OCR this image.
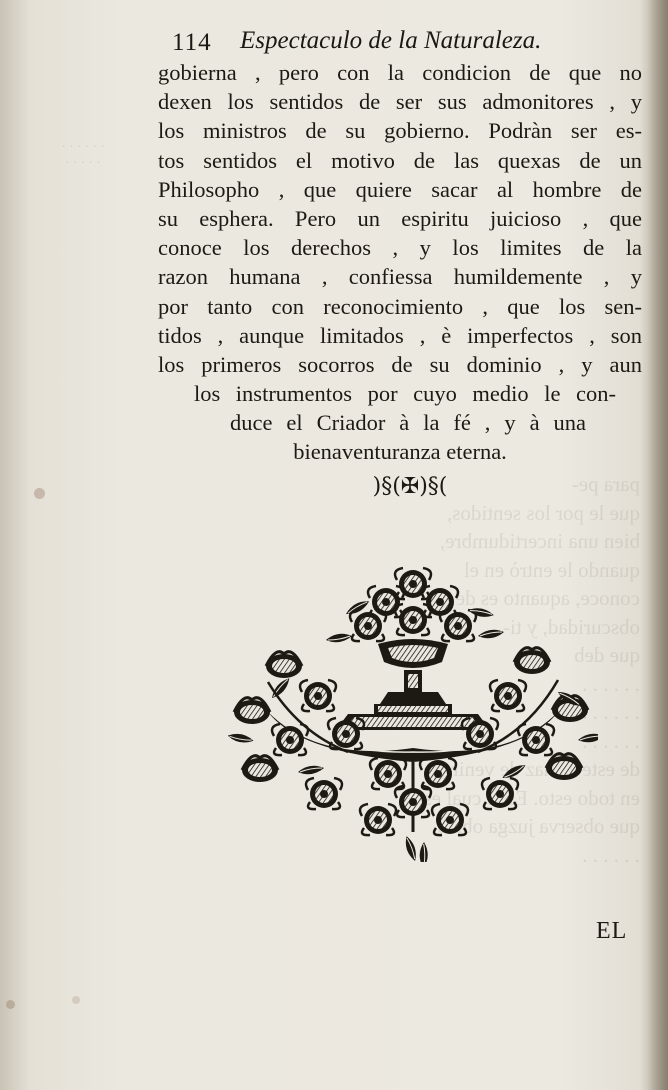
· · · · · ·
· · · · ·
para pe-
que le por los sentidos,
bien una incertidumbre,
quando le entrò en el
conoce, aquanto es de
obscuridad, y ti-
que deb
. . . . . .
. . . . .
. . . .
de este  haz de venir
en todo esto. Es  cual es
que observa juzga
. . . . . .
114 Espectaculo de la Naturaleza.
gobierna , pero con la condicion de que no
dexen los sentidos de ser sus admonitores , y
los ministros de su gobierno. Podràn ser es-
tos sentidos el motivo de las quexas de un
Philosopho , que quiere sacar al hombre de
su esphera. Pero un espiritu juicioso , que
conoce los derechos , y los limites de la
razon humana , confiessa humildemente , y
por tanto con reconocimiento , que los sen-
tidos , aunque limitados , è imperfectos , son
los primeros socorros de su dominio , y aun
los instrumentos por cuyo medio le con-
duce el Criador à la fé , y à una
bienaventuranza eterna.
)§(✠)§(
EL
